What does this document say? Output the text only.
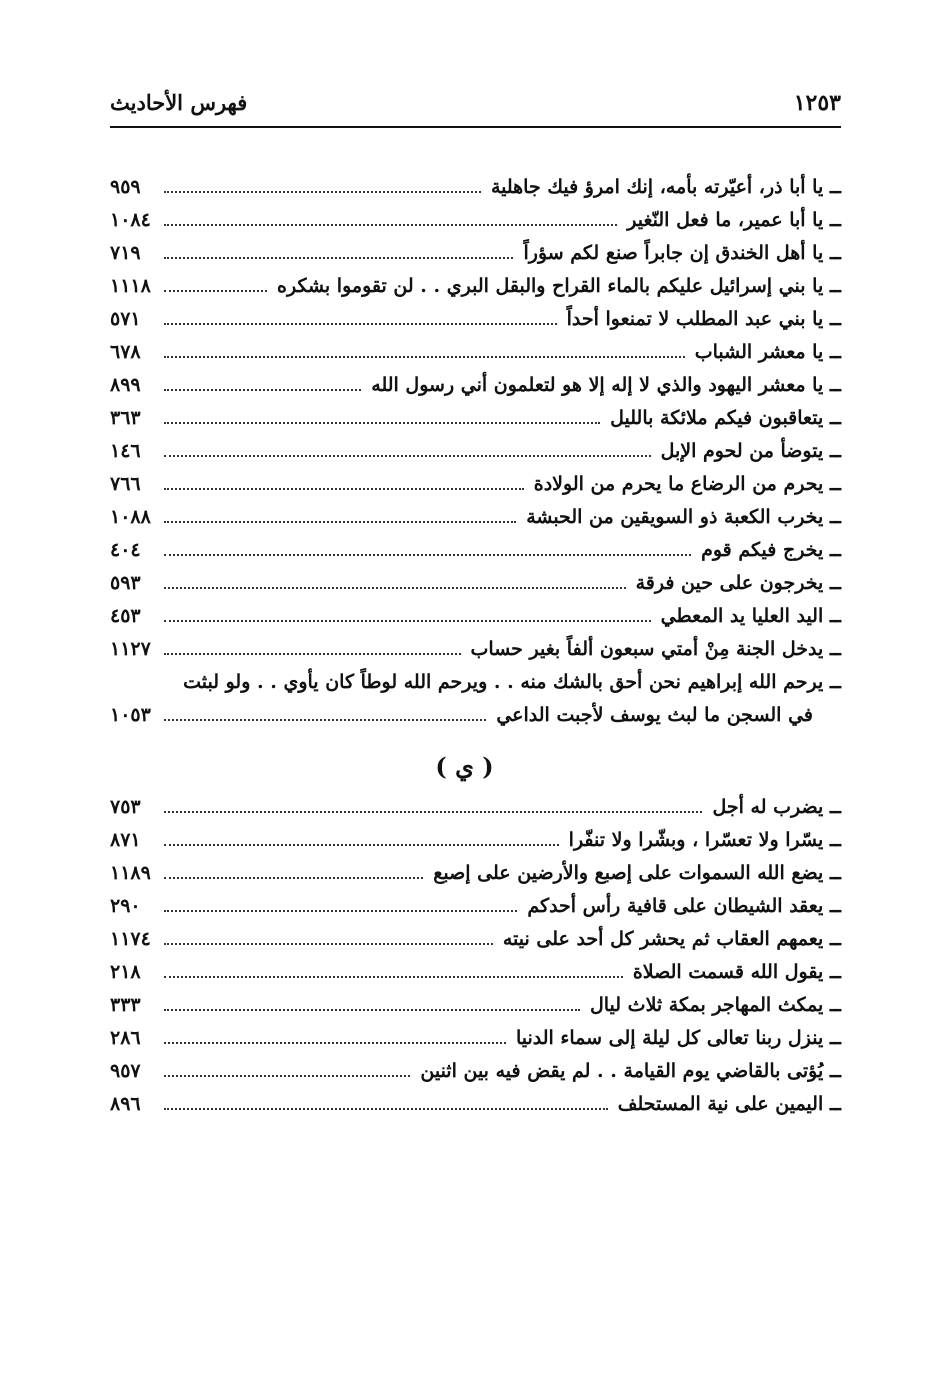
فهرس الأحاديث	١٢٥٣
ــ يا أبا ذر، أعيّرته بأمه، إنك امرؤ فيك جاهلية
٩٥٩
ــ يا أبا عمير، ما فعل النّغير
١٠٨٤
ــ يا أهل الخندق إن جابراً صنع لكم سؤراً
٧١٩
ــ يا بني إسرائيل عليكم بالماء القراح والبقل البري . . لن تقوموا بشكره
١١١٨
ــ يا بني عبد المطلب لا تمنعوا أحداً
٥٧١
ــ يا معشر الشباب
٦٧٨
ــ يا معشر اليهود والذي لا إله إلا هو لتعلمون أني رسول الله
٨٩٩
ــ يتعاقبون فيكم ملائكة بالليل
٣٦٣
ــ يتوضأ من لحوم الإبل
١٤٦
ــ يحرم من الرضاع ما يحرم من الولادة
٧٦٦
ــ يخرب الكعبة ذو السويقين من الحبشة
١٠٨٨
ــ يخرج فيكم قوم
٤٠٤
ــ يخرجون على حين فرقة
٥٩٣
ــ اليد العليا يد المعطي
٤٥٣
ــ يدخل الجنة مِنْ أمتي سبعون ألفاً بغير حساب
١١٢٧
ــ يرحم الله إبراهيم نحن أحق بالشك منه . . ويرحم الله لوطاً كان يأوي . . ولو لبثت
في السجن ما لبث يوسف لأجبت الداعي
١٠٥٣
( ي )
ــ يضرب له أجل
٧٥٣
ــ يسّرا ولا تعسّرا ، وبشّرا ولا تنفّرا
٨٧١
ــ يضع الله السموات على إصبع والأرضين على إصبع
١١٨٩
ــ يعقد الشيطان على قافية رأس أحدكم
٢٩٠
ــ يعمهم العقاب ثم يحشر كل أحد على نيته
١١٧٤
ــ يقول الله قسمت الصلاة
٢١٨
ــ يمكث المهاجر بمكة ثلاث ليال
٣٣٣
ــ ينزل ربنا تعالى كل ليلة إلى سماء الدنيا
٢٨٦
ــ يُؤتى بالقاضي يوم القيامة . . لم يقض فيه بين اثنين
٩٥٧
ــ اليمين على نية المستحلف
٨٩٦
